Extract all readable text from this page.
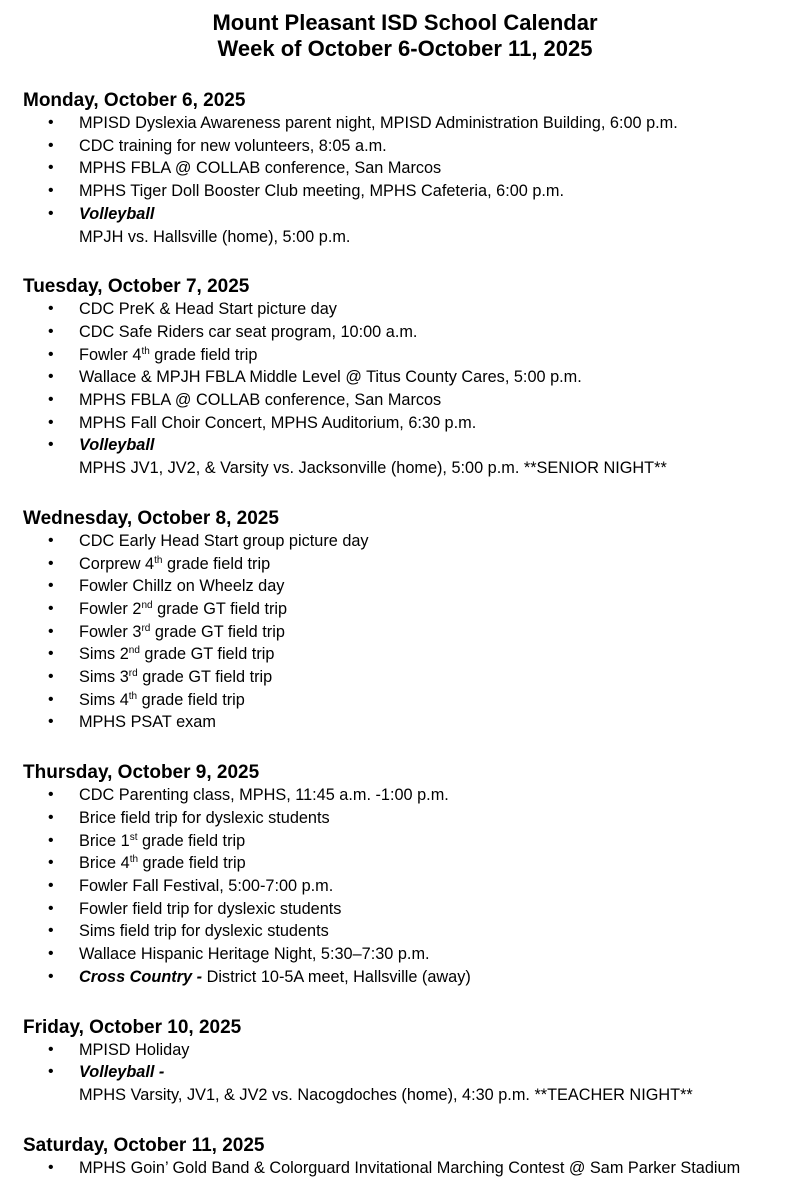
Mount Pleasant ISD School Calendar
Week of October 6-October 11, 2025
Monday, October 6, 2025
• MPISD Dyslexia Awareness parent night, MPISD Administration Building, 6:00 p.m.
• CDC training for new volunteers, 8:05 a.m.
• MPHS FBLA @ COLLAB conference, San Marcos
• MPHS Tiger Doll Booster Club meeting, MPHS Cafeteria, 6:00 p.m.
• Volleyball
MPJH vs. Hallsville (home), 5:00 p.m.
Tuesday, October 7, 2025
• CDC PreK & Head Start picture day
• CDC Safe Riders car seat program, 10:00 a.m.
• Fowler 4th grade field trip
• Wallace & MPJH FBLA Middle Level @ Titus County Cares, 5:00 p.m.
• MPHS FBLA @ COLLAB conference, San Marcos
• MPHS Fall Choir Concert, MPHS Auditorium, 6:30 p.m.
• Volleyball
MPHS JV1, JV2, & Varsity vs. Jacksonville (home), 5:00 p.m. **SENIOR NIGHT**
Wednesday, October 8, 2025
• CDC Early Head Start group picture day
• Corprew 4th grade field trip
• Fowler Chillz on Wheelz day
• Fowler 2nd grade GT field trip
• Fowler 3rd grade GT field trip
• Sims 2nd grade GT field trip
• Sims 3rd grade GT field trip
• Sims 4th grade field trip
• MPHS PSAT exam
Thursday, October 9, 2025
• CDC Parenting class, MPHS, 11:45 a.m. -1:00 p.m.
• Brice field trip for dyslexic students
• Brice 1st grade field trip
• Brice 4th grade field trip
• Fowler Fall Festival, 5:00-7:00 p.m.
• Fowler field trip for dyslexic students
• Sims field trip for dyslexic students
• Wallace Hispanic Heritage Night, 5:30–7:30 p.m.
• Cross Country - District 10-5A meet, Hallsville (away)
Friday, October 10, 2025
• MPISD Holiday
• Volleyball -
MPHS Varsity, JV1, & JV2 vs. Nacogdoches (home), 4:30 p.m. **TEACHER NIGHT**
Saturday, October 11, 2025
• MPHS Goin’ Gold Band & Colorguard Invitational Marching Contest @ Sam Parker Stadium
